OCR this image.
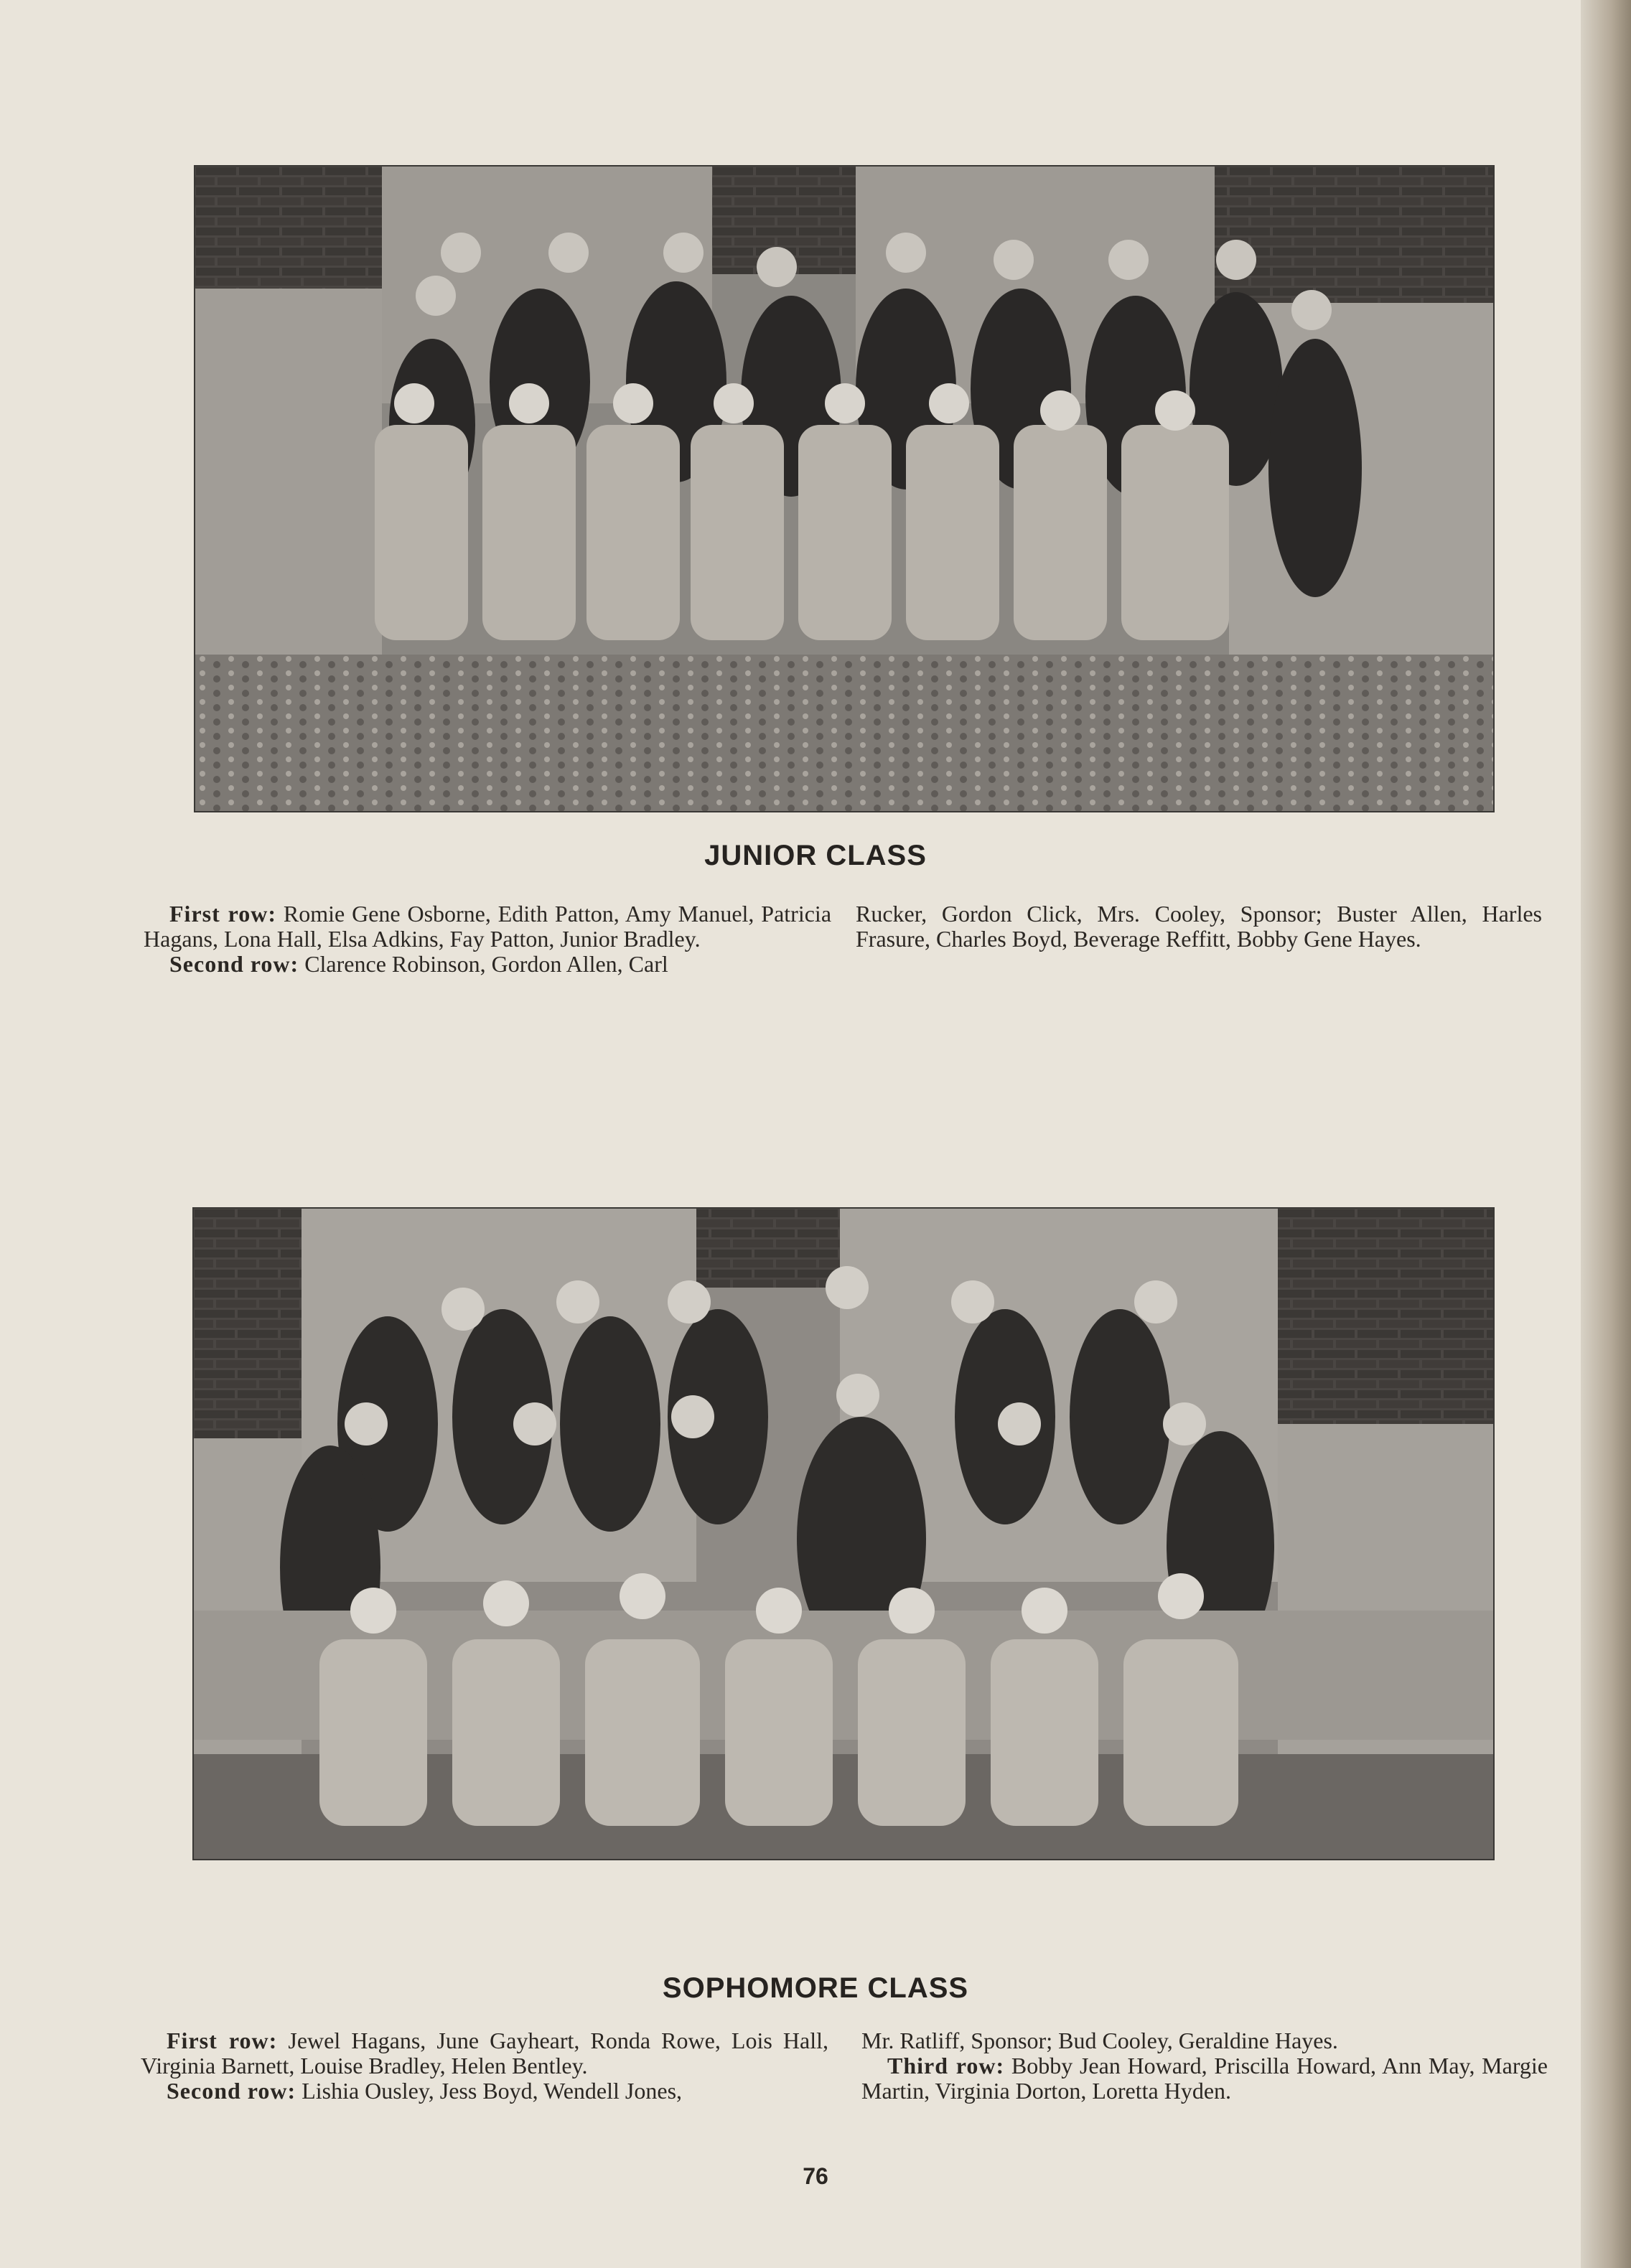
JUNIOR CLASS

First row: Romie Gene Osborne, Edith Patton, Amy Manuel, Patricia Hagans, Lona Hall, Elsa Adkins, Fay Patton, Junior Bradley.

Second row: Clarence Robinson, Gordon Allen, Carl

Rucker, Gordon Click, Mrs. Cooley, Sponsor; Buster Allen, Harles Frasure, Charles Boyd, Beverage Reffitt, Bobby Gene Hayes.

SOPHOMORE CLASS

First row: Jewel Hagans, June Gayheart, Ronda Rowe, Lois Hall, Virginia Barnett, Louise Bradley, Helen Bentley.

Second row: Lishia Ousley, Jess Boyd, Wendell Jones,

Mr. Ratliff, Sponsor; Bud Cooley, Geraldine Hayes.

Third row: Bobby Jean Howard, Priscilla Howard, Ann May, Margie Martin, Virginia Dorton, Loretta Hyden.

76
